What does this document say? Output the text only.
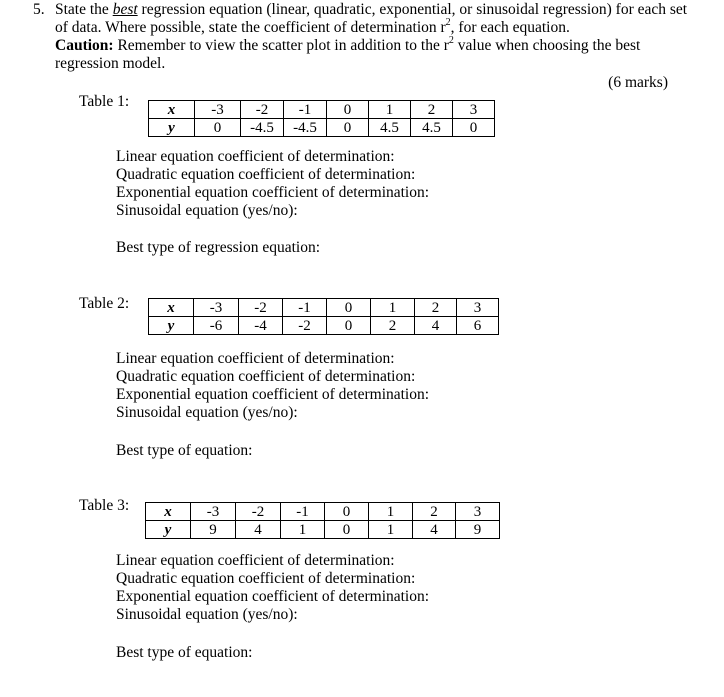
5. State the best regression equation (linear, quadratic, exponential, or sinusoidal regression) for each set
of data. Where possible, state the coefficient of determination $r^2$, for each equation.
Caution: Remember to view the scatter plot in addition to the $r^2$ value when choosing the best
regression model.
(6 marks)
Table 1:	x	-3	-2	-1	0	1	2	3
y	0	-4.5	-4.5	0	4.5	4.5	0
Linear equation coefficient of determination:
Quadratic equation coefficient of determination:
Exponential equation coefficient of determination:
Sinusoidal equation (yes/no):
Best type of regression equation:
Table 2:	x	-3	-2	-1	0	1	2	3
y	-6	-4	-2	0	2	4	6
Linear equation coefficient of determination:
Quadratic equation coefficient of determination:
Exponential equation coefficient of determination:
Sinusoidal equation (yes/no):
Best type of equation:
Table 3: x	-3	-2	-1	0	1	2	3
y	9	4	1	0	1	4	9
Linear equation coefficient of determination:
Quadratic equation coefficient of determination:
Exponential equation coefficient of determination:
Sinusoidal equation (yes/no):
Best type of equation:
